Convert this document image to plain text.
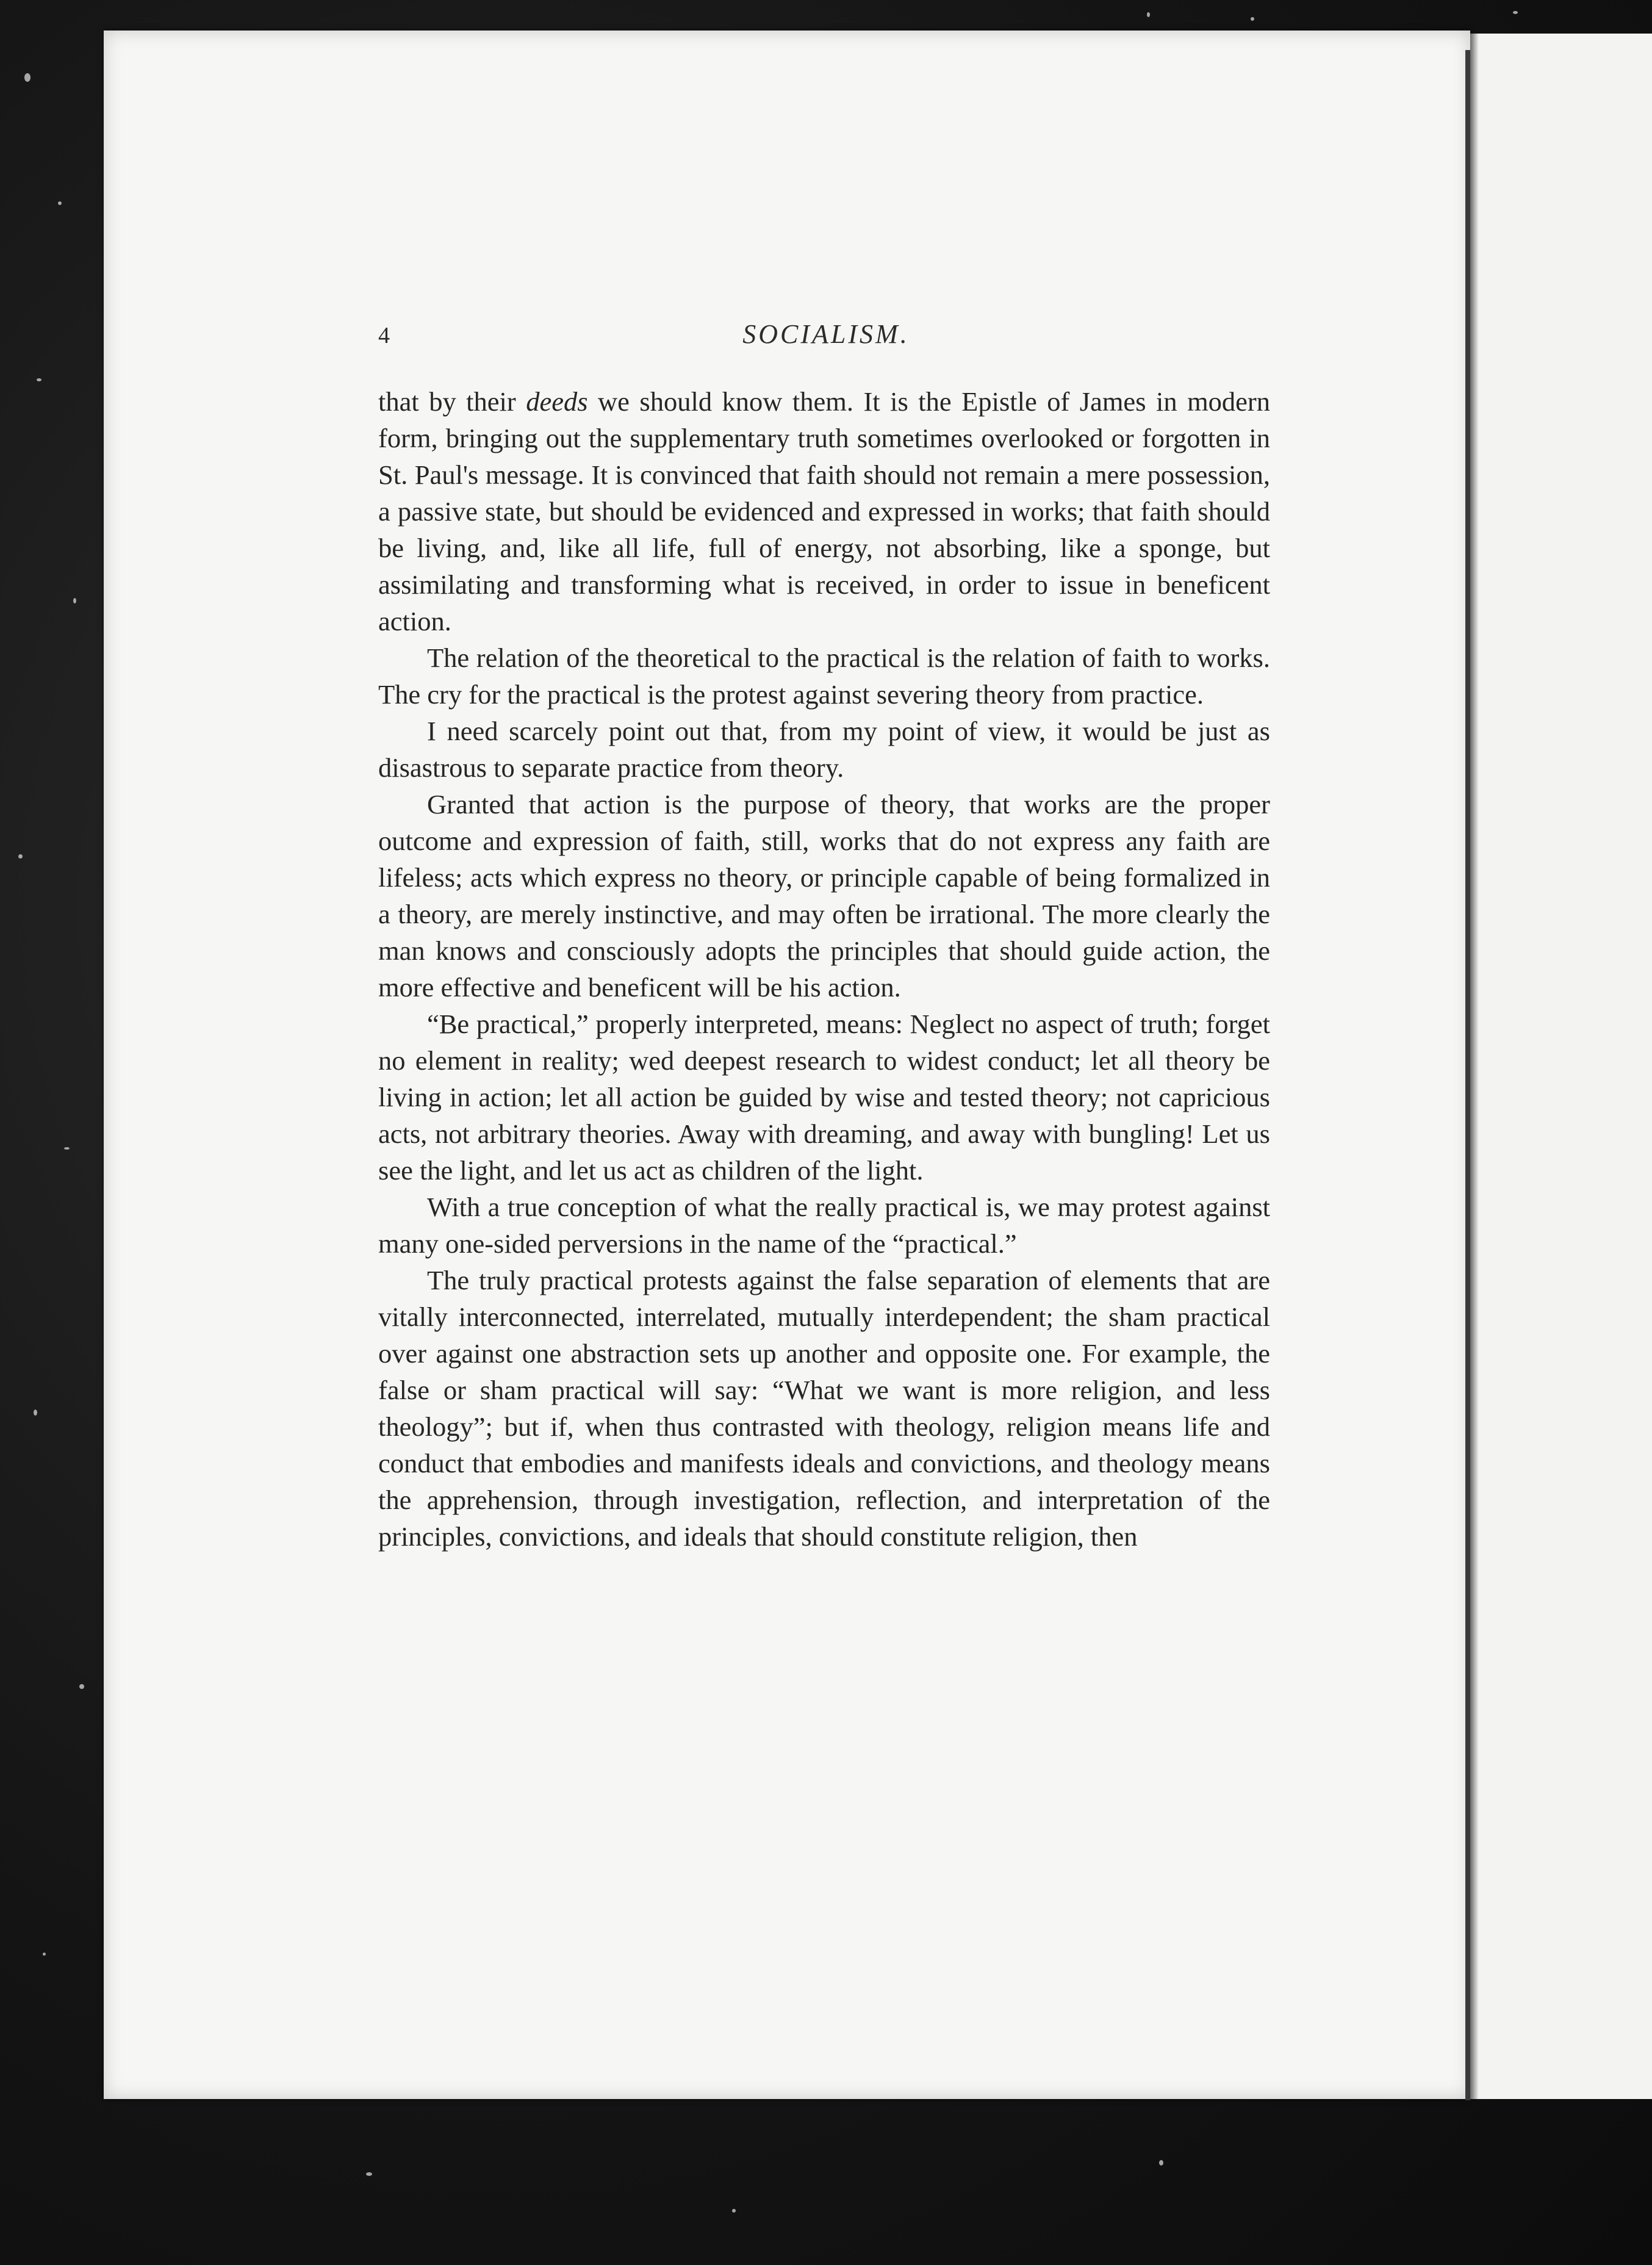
4	SOCIALISM.

that by their deeds we should know them. It is the Epistle of James in modern form, bringing out the supplementary truth sometimes overlooked or forgotten in St. Paul's message. It is convinced that faith should not remain a mere possession, a passive state, but should be evidenced and expressed in works; that faith should be living, and, like all life, full of energy, not absorbing, like a sponge, but assimilating and transforming what is received, in order to issue in beneficent action.

The relation of the theoretical to the practical is the relation of faith to works. The cry for the practical is the protest against severing theory from practice.

I need scarcely point out that, from my point of view, it would be just as disastrous to separate practice from theory.

Granted that action is the purpose of theory, that works are the proper outcome and expression of faith, still, works that do not express any faith are lifeless; acts which express no theory, or principle capable of being formalized in a theory, are merely instinctive, and may often be irrational. The more clearly the man knows and consciously adopts the principles that should guide action, the more effective and beneficent will be his action.

“Be practical,” properly interpreted, means: Neglect no aspect of truth; forget no element in reality; wed deepest research to widest conduct; let all theory be living in action; let all action be guided by wise and tested theory; not capricious acts, not arbitrary theories. Away with dreaming, and away with bungling! Let us see the light, and let us act as children of the light.

With a true conception of what the really practical is, we may protest against many one-sided perversions in the name of the “practical.”

The truly practical protests against the false separation of elements that are vitally interconnected, interrelated, mutually interdependent; the sham practical over against one abstraction sets up another and opposite one. For example, the false or sham practical will say: “What we want is more religion, and less theology”; but if, when thus contrasted with theology, religion means life and conduct that embodies and manifests ideals and convictions, and theology means the apprehension, through investigation, reflection, and interpretation of the principles, convictions, and ideals that should constitute religion, then
